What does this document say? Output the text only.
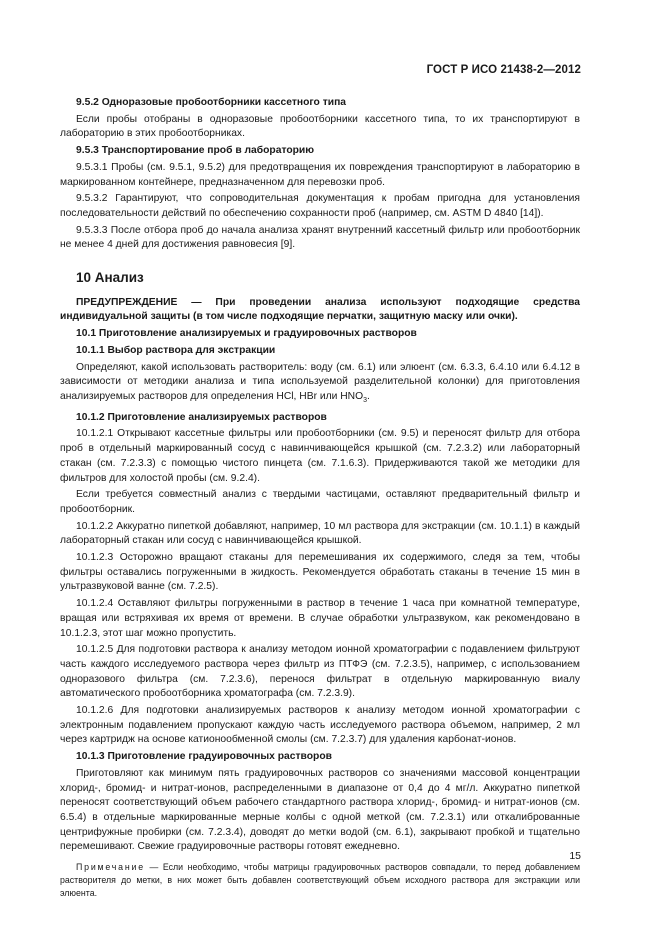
ГОСТ Р ИСО 21438-2—2012

9.5.2 Одноразовые пробоотборники кассетного типа

Если пробы отобраны в одноразовые пробоотборники кассетного типа, то их транспортируют в лабораторию в этих пробоотборниках.

9.5.3 Транспортирование проб в лабораторию

9.5.3.1 Пробы (см. 9.5.1, 9.5.2) для предотвращения их повреждения транспортируют в лабораторию в маркированном контейнере, предназначенном для перевозки проб.

9.5.3.2 Гарантируют, что сопроводительная документация к пробам пригодна для установления последовательности действий по обеспечению сохранности проб (например, см. ASTM D 4840 [14]).

9.5.3.3 После отбора проб до начала анализа хранят внутренний кассетный фильтр или пробоотборник не менее 4 дней для достижения равновесия [9].

10 Анализ

ПРЕДУПРЕЖДЕНИЕ — При проведении анализа используют подходящие средства индивидуальной защиты (в том числе подходящие перчатки, защитную маску или очки).

10.1 Приготовление анализируемых и градуировочных растворов

10.1.1 Выбор раствора для экстракции

Определяют, какой использовать растворитель: воду (см. 6.1) или элюент (см. 6.3.3, 6.4.10 или 6.4.12 в зависимости от методики анализа и типа используемой разделительной колонки) для приготовления анализируемых растворов для определения HCl, HBr или $HNO_3$.

10.1.2 Приготовление анализируемых растворов

10.1.2.1 Открывают кассетные фильтры или пробоотборники (см. 9.5) и переносят фильтр для отбора проб в отдельный маркированный сосуд с навинчивающейся крышкой (см. 7.2.3.2) или лабораторный стакан (см. 7.2.3.3) с помощью чистого пинцета (см. 7.1.6.3). Придерживаются такой же методики для фильтров для холостой пробы (см. 9.2.4).

Если требуется совместный анализ с твердыми частицами, оставляют предварительный фильтр и пробоотборник.

10.1.2.2 Аккуратно пипеткой добавляют, например, 10 мл раствора для экстракции (см. 10.1.1) в каждый лабораторный стакан или сосуд с навинчивающейся крышкой.

10.1.2.3 Осторожно вращают стаканы для перемешивания их содержимого, следя за тем, чтобы фильтры оставались погруженными в жидкость. Рекомендуется обработать стаканы в течение 15 мин в ультразвуковой ванне (см. 7.2.5).

10.1.2.4 Оставляют фильтры погруженными в раствор в течение 1 часа при комнатной температуре, вращая или встряхивая их время от времени. В случае обработки ультразвуком, как рекомендовано в 10.1.2.3, этот шаг можно пропустить.

10.1.2.5 Для подготовки раствора к анализу методом ионной хроматографии с подавлением фильтруют часть каждого исследуемого раствора через фильтр из ПТФЭ (см. 7.2.3.5), например, с использованием одноразового фильтра (см. 7.2.3.6), перенося фильтрат в отдельную маркированную виалу автоматического пробоотборника хроматографа (см. 7.2.3.9).

10.1.2.6 Для подготовки анализируемых растворов к анализу методом ионной хроматографии с электронным подавлением пропускают каждую часть исследуемого раствора объемом, например, 2 мл через картридж на основе катионообменной смолы (см. 7.2.3.7) для удаления карбонат-ионов.

10.1.3 Приготовление градуировочных растворов

Приготовляют как минимум пять градуировочных растворов со значениями массовой концентрации хлорид-, бромид- и нитрат-ионов, распределенными в диапазоне от 0,4 до 4 мг/л. Аккуратно пипеткой переносят соответствующий объем рабочего стандартного раствора хлорид-, бромид- и нитрат-ионов (см. 6.5.4) в отдельные маркированные мерные колбы с одной меткой (см. 7.2.3.1) или откалиброванные центрифужные пробирки (см. 7.2.3.4), доводят до метки водой (см. 6.1), закрывают пробкой и тщательно перемешивают. Свежие градуировочные растворы готовят ежедневно.

Примечание — Если необходимо, чтобы матрицы градуировочных растворов совпадали, то перед добавлением растворителя до метки, в них может быть добавлен соответствующий объем исходного раствора для экстракции или элюента.

15
